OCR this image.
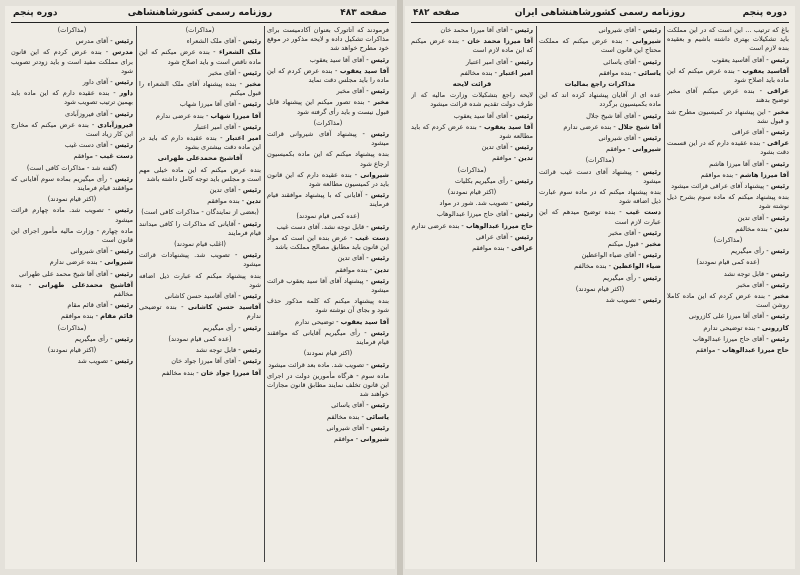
دوره پنجم	روزنامه رسمی کشورشاهنشاهی	صفحه ۴۸۳

فرمودند که آتاتورک بعنوان آکادمیست برای مذاکرات تشکیل داده و لایحه مذکور در موقع خود مطرح خواهد شد

رئیس - آقای آقا سید یعقوب

آقا سید یعقوب - بنده عرض کردم که این ماده را باید مجلس دقت نماید

رئیس - آقای مخبر

مخبر - بنده تصور میکنم این پیشنهاد قابل قبول نیست و باید رأی گرفته شود

(مذاکرات)

رئیس - پیشنهاد آقای شیروانی قرائت میشود

بنده پیشنهاد میکنم که این ماده بکمیسیون ارجاع شود

شیروانی - بنده عقیده دارم که این قانون باید در کمیسیون مطالعه شود

رئیس - آقایانی که با پیشنهاد موافقند قیام فرمایند

(عده کمی قیام نمودند)

رئیس - قابل توجه نشد. آقای دست غیب

دست غیب - عرض بنده این است که مواد این قانون باید مطابق مصالح مملکت باشد

رئیس - آقای تدین

تدین - بنده موافقم

رئیس - پیشنهاد آقای آقا سید یعقوب قرائت میشود

بنده پیشنهاد میکنم که کلمه مذکور حذف شود و بجای آن نوشته شود

آقا سید یعقوب - توضیحی ندارم

رئیس - رأی میگیریم آقایانی که موافقند قیام فرمایند

(اکثر قیام نمودند)

رئیس - تصویب شد. ماده بعد قرائت میشود

ماده سوم - هرگاه مأمورین دولت در اجرای این قانون تخلف نمایند مطابق قانون مجازات خواهند شد

رئیس - آقای یاسائی

یاسائی - بنده مخالفم

رئیس - آقای شیروانی

شیروانی - موافقم

(مذاکرات)

رئیس - آقای ملک الشعراء

ملک الشعراء - بنده عرض میکنم که این ماده ناقص است و باید اصلاح شود

رئیس - آقای مخبر

مخبر - بنده پیشنهاد آقای ملک الشعراء را قبول میکنم

رئیس - آقای آقا میرزا شهاب

آقا میرزا شهاب - بنده عرضی ندارم

رئیس - آقای امیر اعتبار

امیر اعتبار - بنده عقیده دارم که باید در این ماده دقت بیشتری بشود

آقاشیخ محمدعلی طهرانی

بنده عرض میکنم که این ماده خیلی مهم است و مجلس باید توجه کامل داشته باشد

رئیس - آقای تدین

تدین - بنده موافقم

(بعضی از نمایندگان - مذاکرات کافی است)

رئیس - آقایانی که مذاکرات را کافی میدانند قیام فرمایند

(اغلب قیام نمودند)

رئیس - تصویب شد. پیشنهادات قرائت میشود

بنده پیشنهاد میکنم که عبارت ذیل اضافه شود

رئیس - آقای آقاسید حسن کاشانی

آقاسید حسن کاشانی - بنده توضیحی ندارم

رئیس - رأی میگیریم

(عده کمی قیام نمودند)

رئیس - قابل توجه نشد

رئیس - آقای آقا میرزا جواد خان

آقا میرزا جواد خان - بنده مخالفم

(مذاکرات)

رئیس - آقای مدرس

مدرس - بنده عرض کردم که این قانون برای مملکت مفید است و باید زودتر تصویب شود

رئیس - آقای داور

داور - بنده عقیده دارم که این ماده باید بهمین ترتیب تصویب شود

رئیس - آقای فیروزآبادی

فیروزآبادی - بنده عرض میکنم که مخارج این کار زیاد است

رئیس - آقای دست غیب

دست غیب - موافقم

(گفته شد - مذاکرات کافی است)

رئیس - رأی میگیریم بماده سوم آقایانی که موافقند قیام فرمایند

(اکثر قیام نمودند)

رئیس - تصویب شد. ماده چهارم قرائت میشود

ماده چهارم - وزارت مالیه مأمور اجرای این قانون است

رئیس - آقای شیروانی

شیروانی - بنده عرضی ندارم

رئیس - آقای آقا شیخ محمد علی طهرانی

آقاشیخ محمدعلی طهرانی - بنده مخالفم

رئیس - آقای قائم مقام

قائم مقام - بنده موافقم

(مذاکرات)

رئیس - رأی میگیریم

(اکثر قیام نمودند)

رئیس - تصویب شد

صفحه ۴۸۲	روزنامه رسمی کشورشاهنشاهی ایران	دوره پنجم

باغ که ترتیب ... این است که در این مملکت باید تشکیلات بهتری داشته باشیم و بعقیده بنده لازم است

رئیس - آقای آقاسید یعقوب

آقاسید یعقوب - بنده عرض میکنم که این ماده باید اصلاح شود

عراقی - بنده عرض میکنم آقای مخبر توضیح بدهند

مخبر - این پیشنهاد در کمیسیون مطرح شد و قبول نشد

رئیس - آقای عراقی

عراقی - بنده عقیده دارم که در این قسمت دقت بشود

رئیس - آقای آقا میرزا هاشم

آقا میرزا هاشم - بنده موافقم

رئیس - پیشنهاد آقای عراقی قرائت میشود

بنده پیشنهاد میکنم که ماده سوم بشرح ذیل نوشته شود

رئیس - آقای تدین

تدین - بنده مخالفم

(مذاکرات)

رئیس - رأی میگیریم

(عده کمی قیام نمودند)

رئیس - قابل توجه نشد

رئیس - آقای مخبر

مخبر - بنده عرض کردم که این ماده کاملا روشن است

رئیس - آقای آقا میرزا علی کازرونی

کازرونی - بنده توضیحی ندارم

رئیس - آقای حاج میرزا عبدالوهاب

حاج میرزا عبدالوهاب - موافقم

رئیس - آقای شیروانی

شیروانی - بنده عرض میکنم که مملکت محتاج این قانون است

رئیس - آقای یاسائی

یاسائی - بنده موافقم

مذاکرات راجع بمالیات

عده ای از آقایان پیشنهاد کرده اند که این ماده بکمیسیون برگردد

رئیس - آقای آقا شیخ جلال

آقا شیخ جلال - بنده عرضی ندارم

رئیس - آقای شیروانی

شیروانی - موافقم

(مذاکرات)

رئیس - پیشنهاد آقای دست غیب قرائت میشود

بنده پیشنهاد میکنم که در ماده سوم عبارت ذیل اضافه شود

دست غیب - بنده توضیح میدهم که این عبارت لازم است

رئیس - آقای مخبر

مخبر - قبول میکنم

رئیس - آقای ضیاء الواعظین

ضیاء الواعظین - بنده مخالفم

رئیس - رأی میگیریم

(اکثر قیام نمودند)

رئیس - تصویب شد

رئیس - آقای آقا میرزا محمد خان

آقا میرزا محمد خان - بنده عرض میکنم که این ماده لازم است

رئیس - آقای امیر اعتبار

امیر اعتبار - بنده مخالفم

قرائت لایحه

لایحه راجع بتشکیلات وزارت مالیه که از طرف دولت تقدیم شده قرائت میشود

رئیس - آقای آقا سید یعقوب

آقا سید یعقوب - بنده عرض کردم که باید مطالعه شود

رئیس - آقای تدین

تدین - موافقم

(مذاکرات)

رئیس - رأی میگیریم بکلیات

(اکثر قیام نمودند)

رئیس - تصویب شد. شور در مواد

رئیس - آقای حاج میرزا عبدالوهاب

حاج میرزا عبدالوهاب - بنده عرضی ندارم

رئیس - آقای عراقی

عراقی - بنده موافقم
